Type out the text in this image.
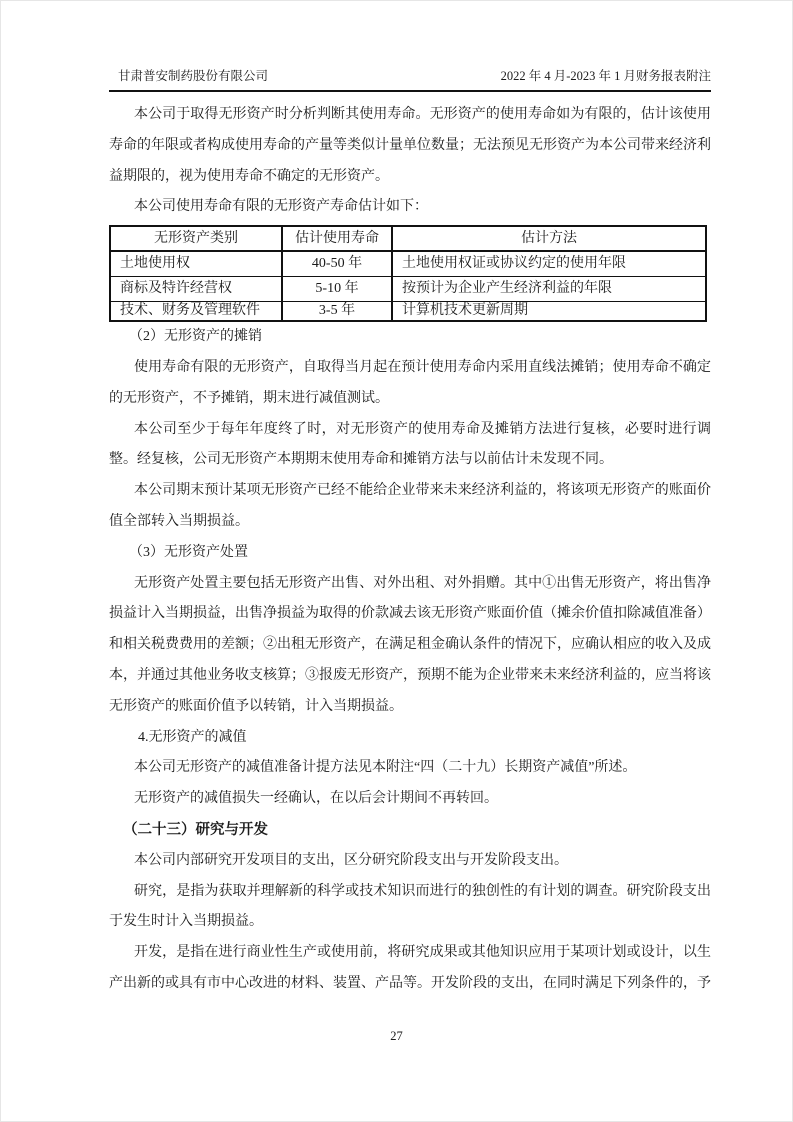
甘肃普安制药股份有限公司	2022 年 4 月-2023 年 1 月财务报表附注

本公司于取得无形资产时分析判断其使用寿命。无形资产的使用寿命如为有限的，估计该使用寿命的年限或者构成使用寿命的产量等类似计量单位数量；无法预见无形资产为本公司带来经济利益期限的，视为使用寿命不确定的无形资产。

本公司使用寿命有限的无形资产寿命估计如下：

无形资产类别	估计使用寿命	估计方法
土地使用权	40-50 年	土地使用权证或协议约定的使用年限
商标及特许经营权	5-10 年	按预计为企业产生经济利益的年限
技术、财务及管理软件	3-5 年	计算机技术更新周期

（2）无形资产的摊销

使用寿命有限的无形资产，自取得当月起在预计使用寿命内采用直线法摊销；使用寿命不确定的无形资产，不予摊销，期末进行减值测试。

本公司至少于每年年度终了时，对无形资产的使用寿命及摊销方法进行复核，必要时进行调整。经复核，公司无形资产本期期末使用寿命和摊销方法与以前估计未发现不同。

本公司期末预计某项无形资产已经不能给企业带来未来经济利益的，将该项无形资产的账面价值全部转入当期损益。

（3）无形资产处置

无形资产处置主要包括无形资产出售、对外出租、对外捐赠。其中①出售无形资产，将出售净损益计入当期损益，出售净损益为取得的价款减去该无形资产账面价值（摊余价值扣除减值准备）和相关税费费用的差额；②出租无形资产，在满足租金确认条件的情况下，应确认相应的收入及成本，并通过其他业务收支核算；③报废无形资产，预期不能为企业带来未来经济利益的，应当将该无形资产的账面价值予以转销，计入当期损益。

4.无形资产的减值

本公司无形资产的减值准备计提方法见本附注“四（二十九）长期资产减值”所述。

无形资产的减值损失一经确认，在以后会计期间不再转回。

（二十三）研究与开发

本公司内部研究开发项目的支出，区分研究阶段支出与开发阶段支出。

研究，是指为获取并理解新的科学或技术知识而进行的独创性的有计划的调查。研究阶段支出于发生时计入当期损益。

开发，是指在进行商业性生产或使用前，将研究成果或其他知识应用于某项计划或设计，以生产出新的或具有市中心改进的材料、装置、产品等。开发阶段的支出，在同时满足下列条件的，予

27
